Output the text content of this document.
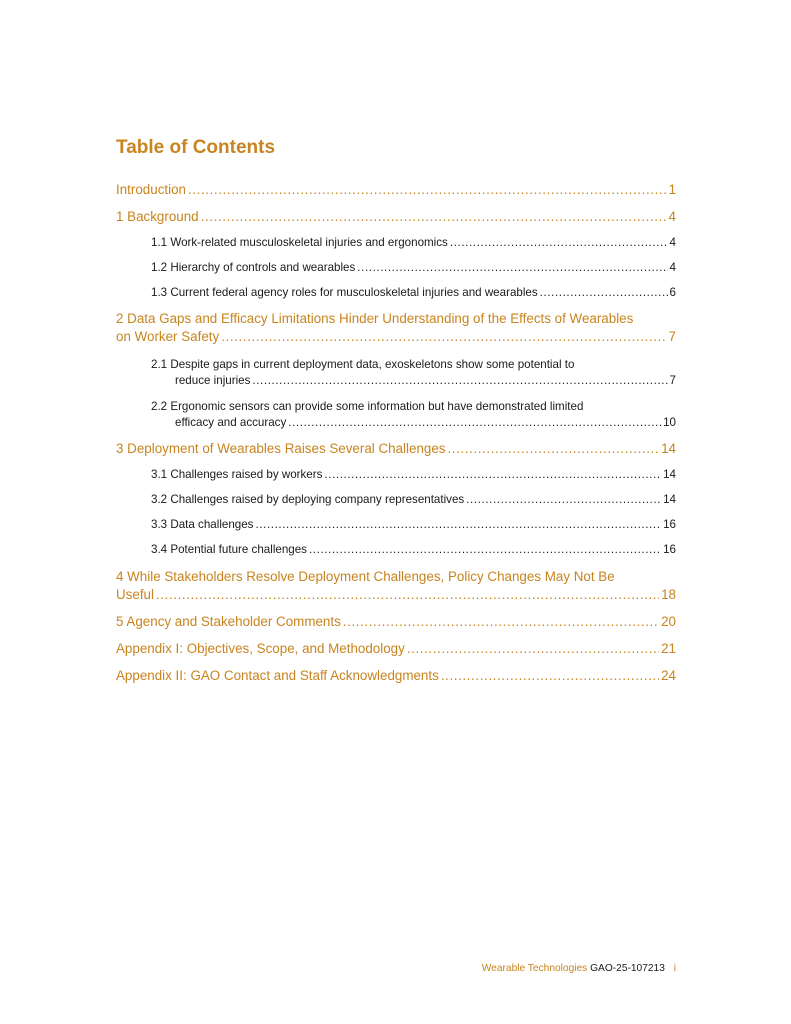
Table of Contents
Introduction .....	1
1 Background .....	4
1.1 Work-related musculoskeletal injuries and ergonomics .....	4
1.2 Hierarchy of controls and wearables .....	4
1.3 Current federal agency roles for musculoskeletal injuries and wearables .....	6
2 Data Gaps and Efficacy Limitations Hinder Understanding of the Effects of Wearables
on Worker Safety .....	7
2.1 Despite gaps in current deployment data, exoskeletons show some potential to
reduce injuries .....	7
2.2 Ergonomic sensors can provide some information but have demonstrated limited
efficacy and accuracy .....	10
3 Deployment of Wearables Raises Several Challenges .....	14
3.1 Challenges raised by workers .....	14
3.2 Challenges raised by deploying company representatives .....	14
3.3 Data challenges .....	16
3.4 Potential future challenges .....	16
4 While Stakeholders Resolve Deployment Challenges, Policy Changes May Not Be
Useful .....	18
5 Agency and Stakeholder Comments .....	20
Appendix I: Objectives, Scope, and Methodology .....	21
Appendix II: GAO Contact and Staff Acknowledgments .....	24
Wearable Technologies GAO-25-107213 i
